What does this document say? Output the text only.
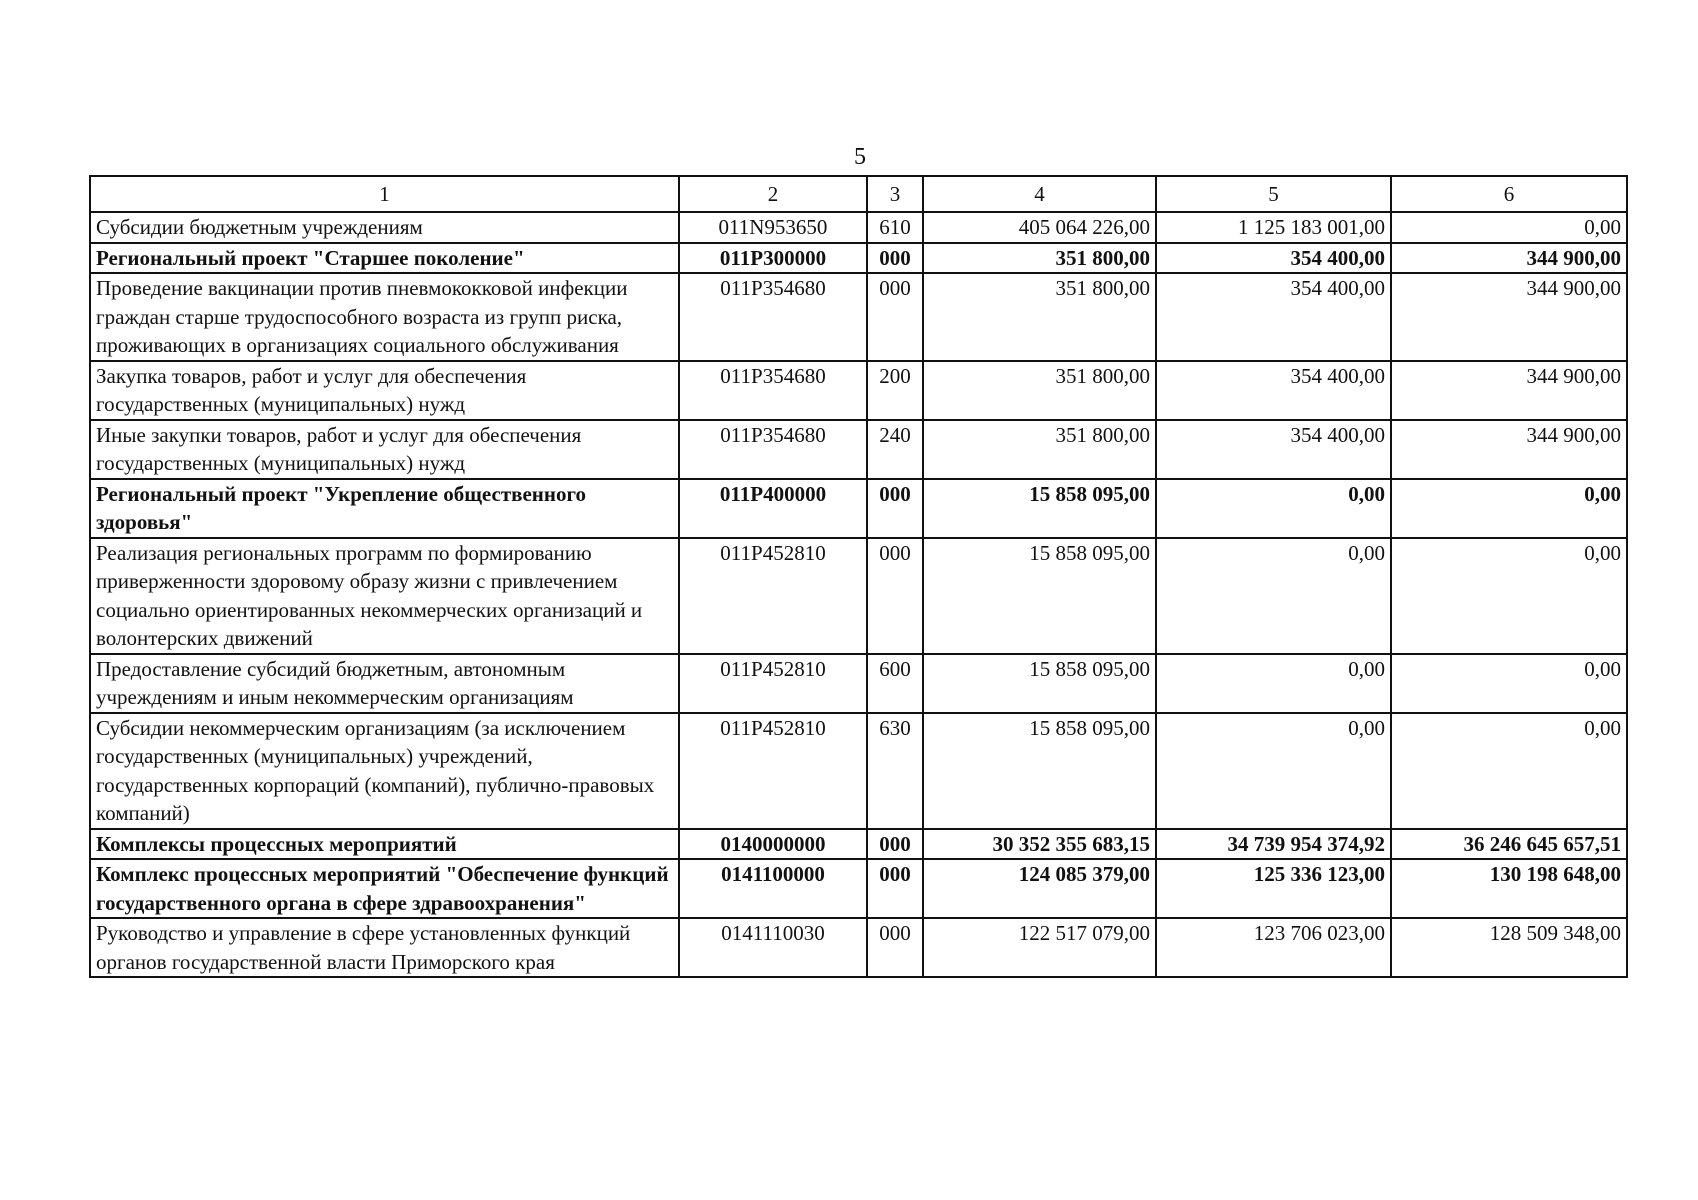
5
1	2	3	4	5	6
Субсидии бюджетным учреждениям	011N953650	610	405 064 226,00	1 125 183 001,00	0,00
Региональный проект "Старшее поколение"	011P300000	000	351 800,00	354 400,00	344 900,00
Проведение вакцинации против пневмококковой инфекции граждан старше трудоспособного возраста из групп риска, проживающих в организациях социального обслуживания	011P354680	000	351 800,00	354 400,00	344 900,00
Закупка товаров, работ и услуг для обеспечения государственных (муниципальных) нужд	011P354680	200	351 800,00	354 400,00	344 900,00
Иные закупки товаров, работ и услуг для обеспечения государственных (муниципальных) нужд	011P354680	240	351 800,00	354 400,00	344 900,00
Региональный проект "Укрепление общественного здоровья"	011P400000	000	15 858 095,00	0,00	0,00
Реализация региональных программ по формированию приверженности здоровому образу жизни с привлечением социально ориентированных некоммерческих организаций и волонтерских движений	011P452810	000	15 858 095,00	0,00	0,00
Предоставление субсидий бюджетным, автономным учреждениям и иным некоммерческим организациям	011P452810	600	15 858 095,00	0,00	0,00
Субсидии некоммерческим организациям (за исключением государственных (муниципальных) учреждений, государственных корпораций (компаний), публично-правовых компаний)	011P452810	630	15 858 095,00	0,00	0,00
Комплексы процессных мероприятий	0140000000	000	30 352 355 683,15	34 739 954 374,92	36 246 645 657,51
Комплекс процессных мероприятий "Обеспечение функций государственного органа в сфере здравоохранения"	0141100000	000	124 085 379,00	125 336 123,00	130 198 648,00
Руководство и управление в сфере установленных функций органов государственной власти Приморского края	0141110030	000	122 517 079,00	123 706 023,00	128 509 348,00
